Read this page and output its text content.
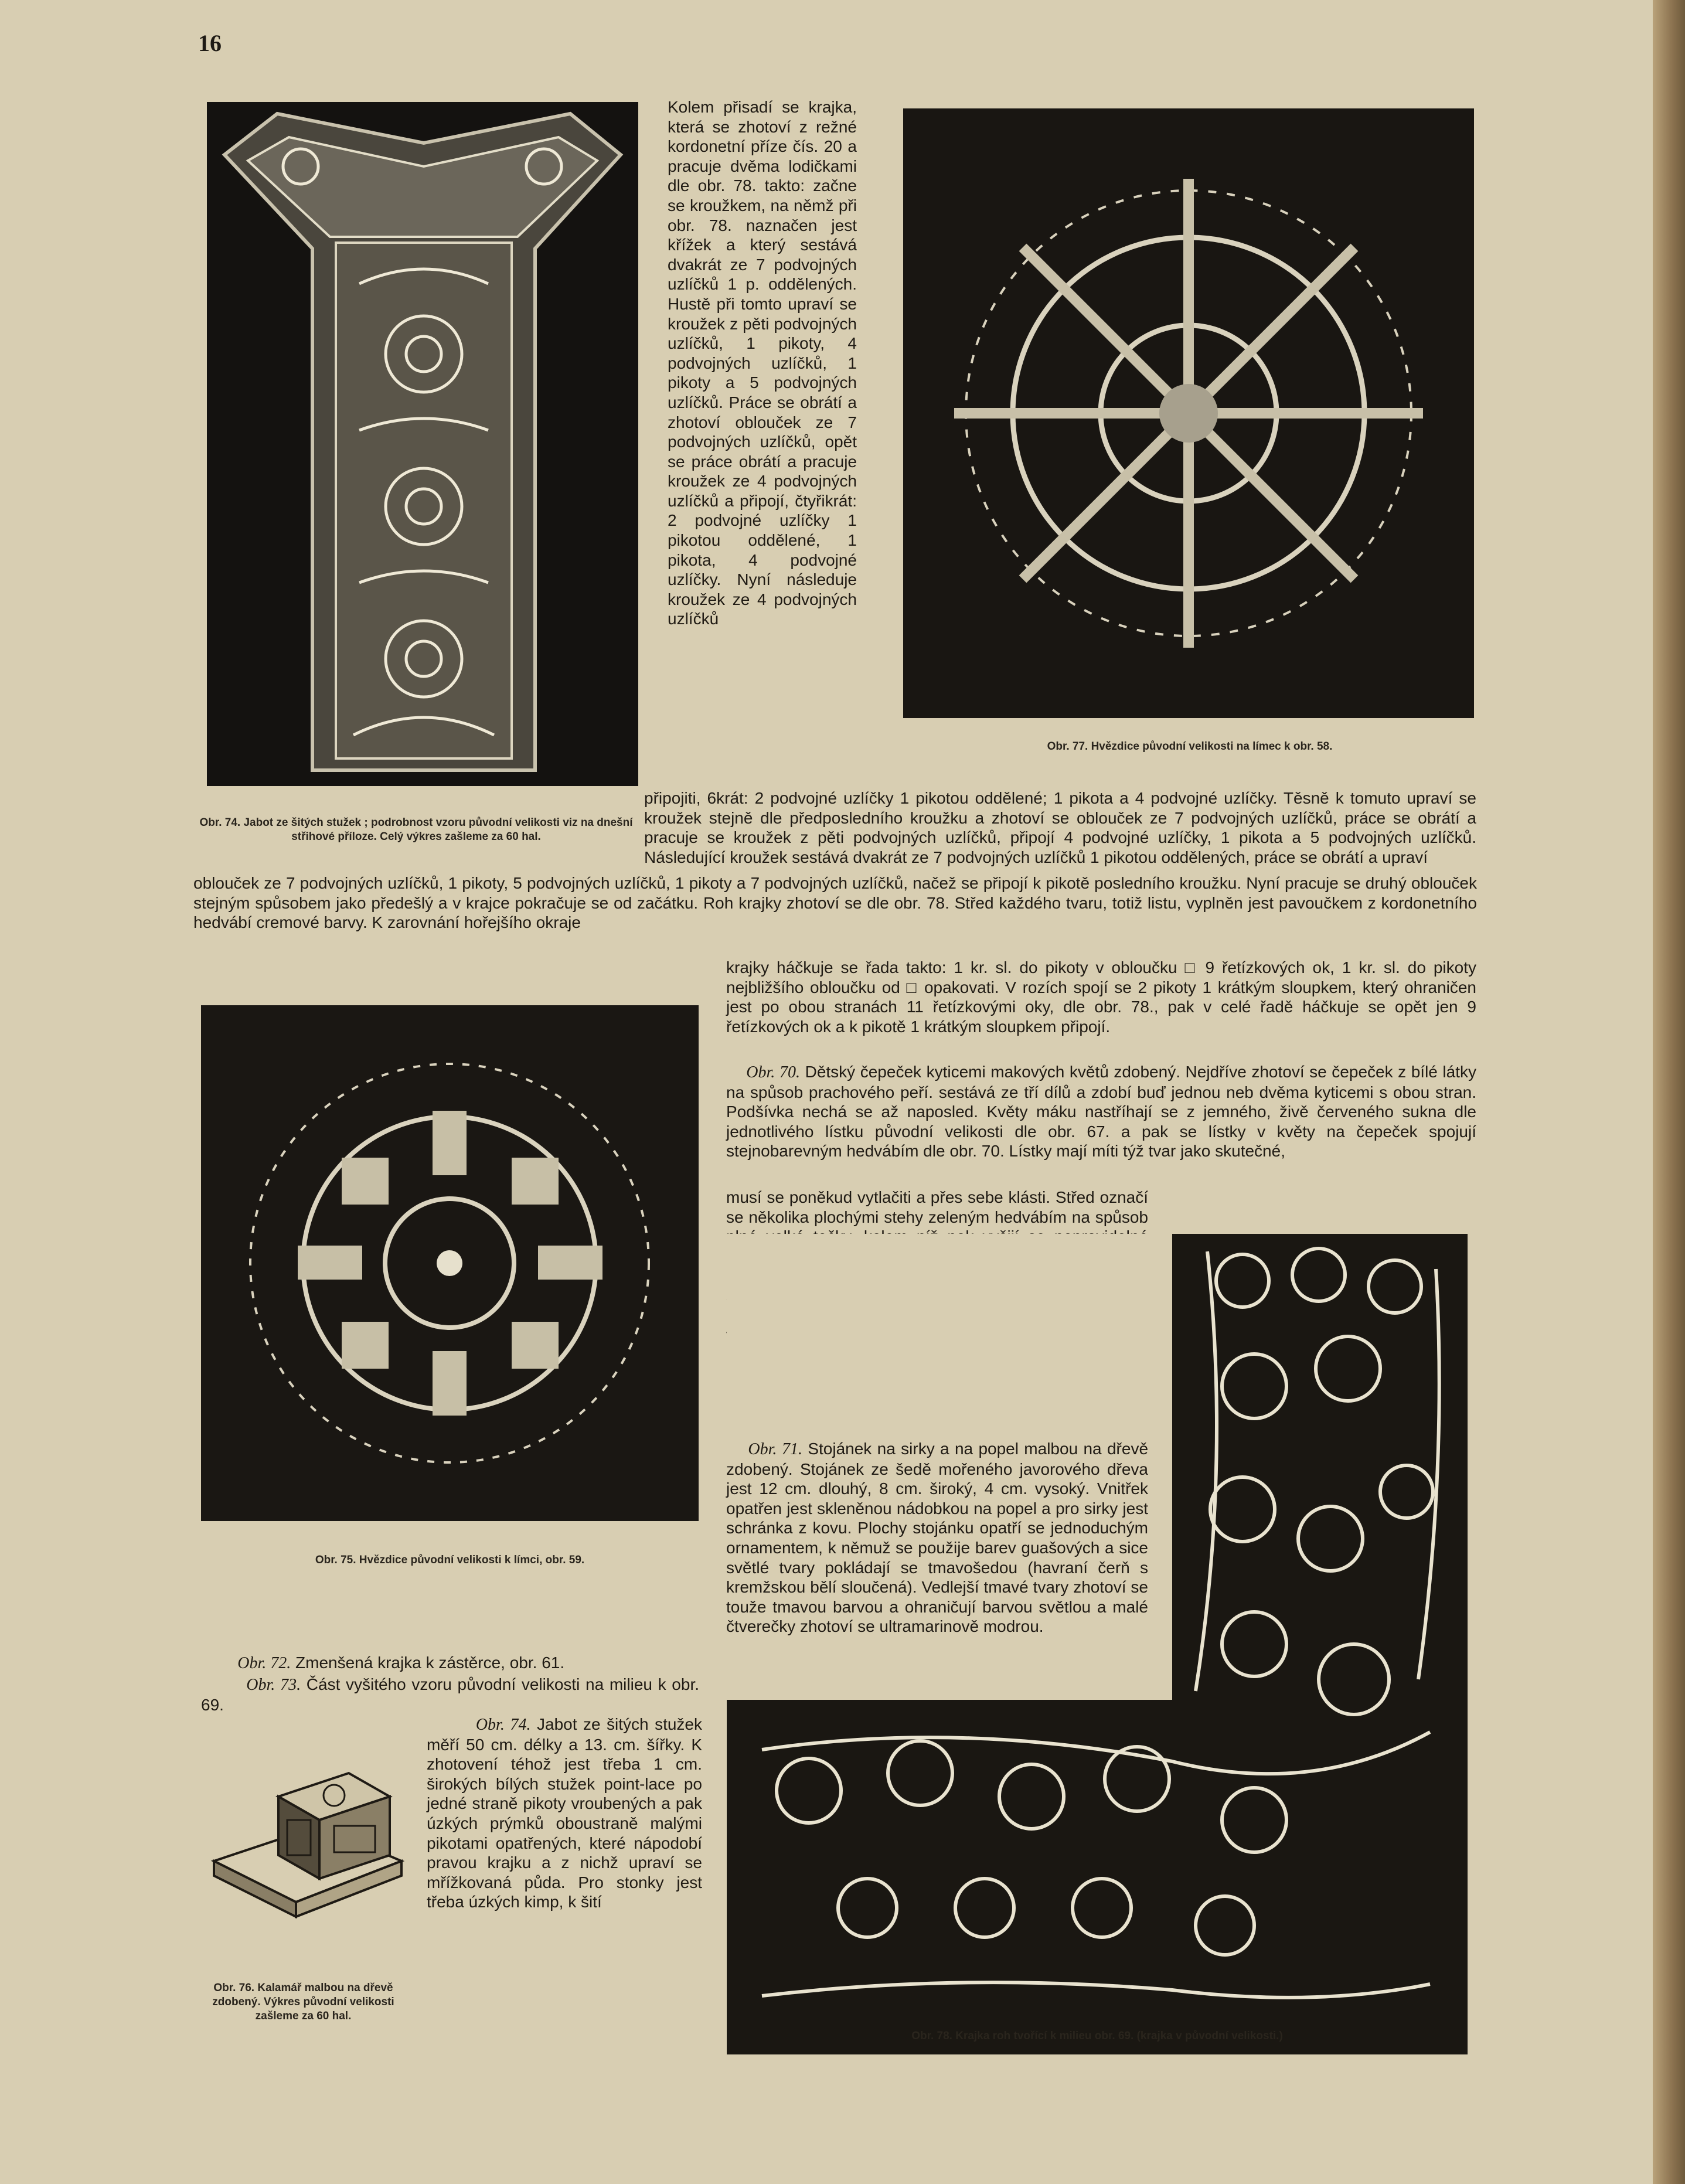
16
Obr. 74. Jabot ze šitých stužek ; podrobnost vzoru původní velikosti viz na dnešní střihové příloze. Celý výkres zašleme za 60 hal.
Kolem přisadí se krajka, která se zhotoví z režné kordonetní příze čís. 20 a pracuje dvěma lodičkami dle obr. 78. takto: začne se kroužkem, na němž při obr. 78. naznačen jest křížek a který sestává dvakrát ze 7 podvojných uzlíčků 1 p. oddělených. Hustě při tomto upraví se kroužek z pěti podvojných uzlíčků, 1 pikoty, 4 podvojných uzlíčků, 1 pikoty a 5 podvojných uzlíčků. Práce se obrátí a zhotoví oblouček ze 7 podvojných uzlíčků, opět se práce obrátí a pracuje kroužek ze 4 podvojných uzlíčků a připojí, čtyřikrát: 2 podvojné uzlíčky 1 pikotou oddělené, 1 pikota, 4 podvojné uzlíčky. Nyní následuje kroužek ze 4 podvojných uzlíčků
Obr. 77. Hvězdice původní velikosti na límec k obr. 58.
připojiti, 6krát: 2 podvojné uzlíčky 1 pikotou oddělené; 1 pikota a 4 podvojné uzlíčky. Těsně k tomuto upraví se kroužek stejně dle předposledního kroužku a zhotoví se oblouček ze 7 podvojných uzlíčků, práce se obrátí a pracuje se kroužek z pěti podvojných uzlíčků, připojí 4 podvojné uzlíčky, 1 pikota a 5 podvojných uzlíčků. Následující kroužek sestává dvakrát ze 7 podvojných uzlíčků 1 pikotou oddělených, práce se obrátí a upraví
oblouček ze 7 podvojných uzlíčků, 1 pikoty, 5 podvojných uzlíčků, 1 pikoty a 7 podvojných uzlíčků, načež se připojí k pikotě posledního kroužku. Nyní pracuje se druhý oblouček stejným spůsobem jako předešlý a v krajce pokračuje se od začátku. Roh krajky zhotoví se dle obr. 78. Střed každého tvaru, totiž listu, vyplněn jest pavoučkem z kordonetního hedvábí cremové barvy. K zarovnání hořejšího okraje
krajky háčkuje se řada takto: 1 kr. sl. do pikoty v obloučku □ 9 řetízkových ok, 1 kr. sl. do pikoty nejbližšího obloučku od □ opakovati. V rozích spojí se 2 pikoty 1 krátkým sloupkem, který ohraničen jest po obou stranách 11 řetízkovými oky, dle obr. 78., pak v celé řadě háčkuje se opět jen 9 řetízkových ok a k pikotě 1 krátkým sloupkem připojí.

Obr. 70. Dětský čepeček kyticemi makových květů zdobený. Nejdříve zhotoví se čepeček z bílé látky na spůsob prachového peří. sestává ze tří dílů a zdobí buď jednou neb dvěma kyticemi s obou stran. Podšívka nechá se až naposled. Květy máku nastříhají se z jemného, živě červeného sukna dle jednotlivého lístku původní velikosti dle obr. 67. a pak se lístky v květy na čepeček spojují stejnobarevným hedvábím dle obr. 70. Lístky mají míti týž tvar jako skutečné,

musí se poněkud vytlačiti a přes sebe klásti. Střed označí se několika plochými stehy zeleným hedvábím na spůsob
Obr. 75. Hvězdice původní velikosti k límci, obr. 59.
Obr. 78. Krajka roh tvořící k milieu obr. 69. (krajka v původní velikosti.)

Obr. 71. Stojánek na sirky a na popel malbou na dřevě zdobený. Stojánek ze šedě mořeného javorového dřeva jest 12 cm. dlouhý, 8 cm. široký, 4 cm. vysoký. Vnitřek opatřen jest skleněnou nádobkou na popel a pro sirky jest schránka z kovu. Plochy stojánku opatří se jednoduchým ornamentem, k němuž se použije barev guašových a sice světlé tvary pokládají se tmavošedou (havraní čerň s kremžskou bělí sloučená). Vedlejší tmavé tvary zhotoví se touže tmavou barvou a ohraničují barvou světlou a malé čtverečky zhotoví se ultramarinově modrou.

Obr. 72. Zmenšená krajka k zástěrce, obr. 61.

Obr. 73. Část vyšitého vzoru původní velikosti na milieu k obr. 69.

Obr. 76. Kalamář malbou na dřevě zdobený. Výkres původní velikosti zašleme za 60 hal.

Obr. 74. Jabot ze šitých stužek měří 50 cm. délky a 13. cm. šířky. K zhotovení téhož jest třeba 1 cm. širokých bílých stužek point-lace po jedné straně pikoty vroubených a pak úzkých prýmků oboustraně malými pikotami opatřených, které nápodobí pravou krajku a z nichž upraví se mřížkovaná půda. Pro stonky jest třeba úzkých kimp, k šití
